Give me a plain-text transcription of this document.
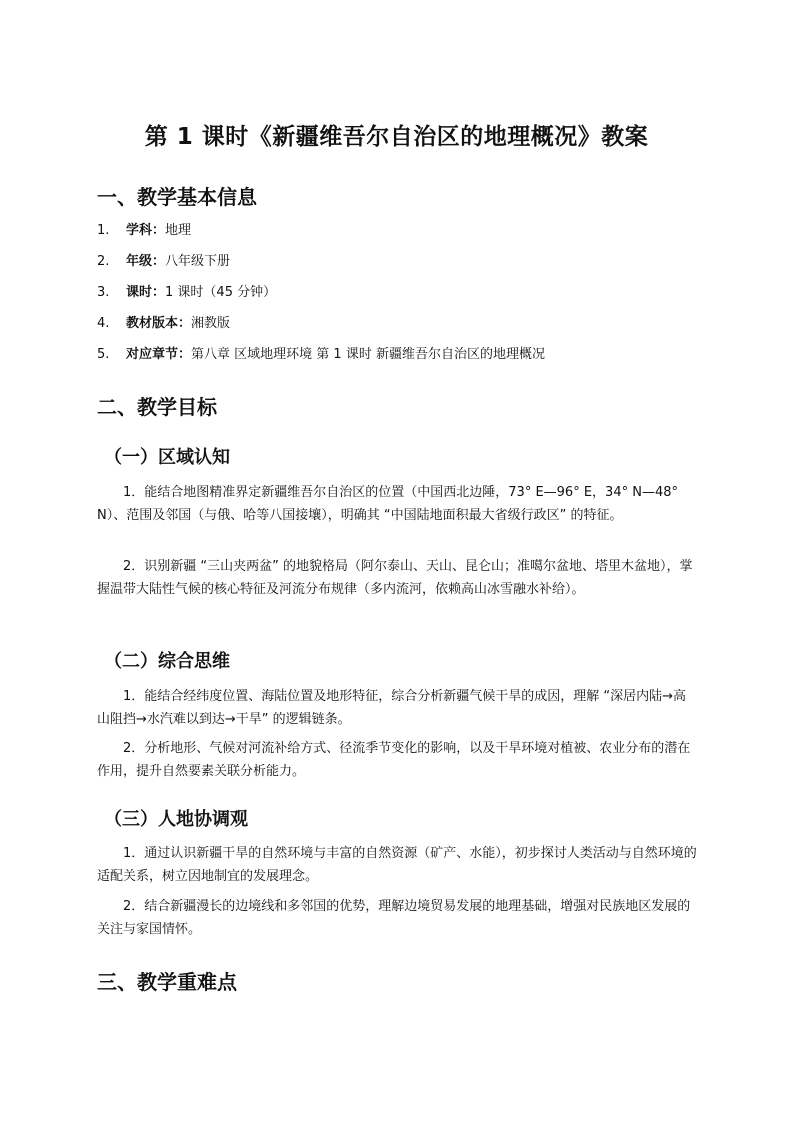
第 1 课时《新疆维吾尔自治区的地理概况》教案
一、教学基本信息
1. 学科：地理
2. 年级：八年级下册
3. 课时：1 课时（45 分钟）
4. 教材版本：湘教版
5. 对应章节：第八章 区域地理环境 第 1 课时 新疆维吾尔自治区的地理概况
二、教学目标
（一）区域认知

1．能结合地图精准界定新疆维吾尔自治区的位置（中国西北边陲，73° E—96° E，34° N—48° N）、范围及邻国（与俄、哈等八国接壤），明确其 “中国陆地面积最大省级行政区” 的特征。

2．识别新疆 “三山夹两盆” 的地貌格局（阿尔泰山、天山、昆仑山；准噶尔盆地、塔里木盆地），掌握温带大陆性气候的核心特征及河流分布规律（多内流河，依赖高山冰雪融水补给）。

（二）综合思维

1．能结合经纬度位置、海陆位置及地形特征，综合分析新疆气候干旱的成因，理解 “深居内陆→高山阻挡→水汽难以到达→干旱” 的逻辑链条。

2．分析地形、气候对河流补给方式、径流季节变化的影响，以及干旱环境对植被、农业分布的潜在作用，提升自然要素关联分析能力。

（三）人地协调观

1．通过认识新疆干旱的自然环境与丰富的自然资源（矿产、水能），初步探讨人类活动与自然环境的适配关系，树立因地制宜的发展理念。

2．结合新疆漫长的边境线和多邻国的优势，理解边境贸易发展的地理基础，增强对民族地区发展的关注与家国情怀。

三、教学重难点
